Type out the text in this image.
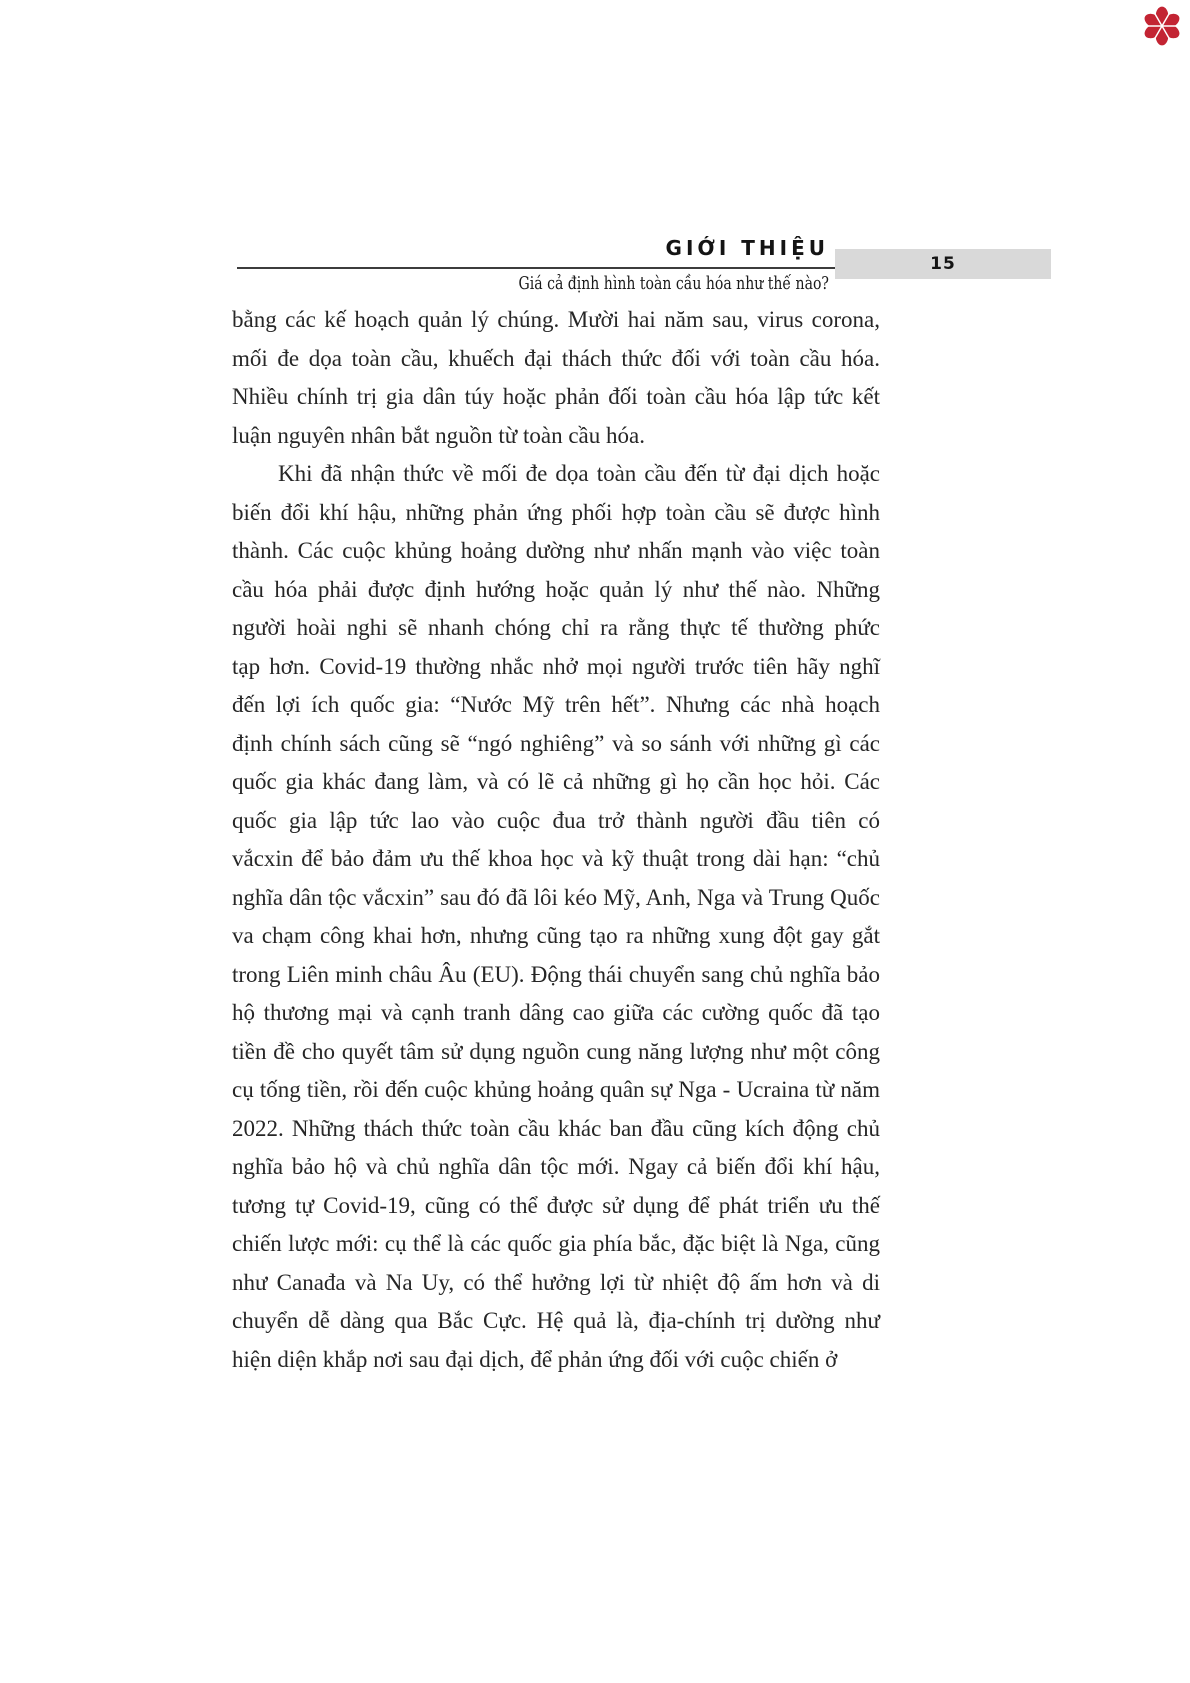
GIỚI THIỆU
15
Giá cả định hình toàn cầu hóa như thế nào?
bằng các kế hoạch quản lý chúng. Mười hai năm sau, virus corona,
mối đe dọa toàn cầu, khuếch đại thách thức đối với toàn cầu hóa.
Nhiều chính trị gia dân túy hoặc phản đối toàn cầu hóa lập tức kết
luận nguyên nhân bắt nguồn từ toàn cầu hóa.
Khi đã nhận thức về mối đe dọa toàn cầu đến từ đại dịch hoặc
biến đổi khí hậu, những phản ứng phối hợp toàn cầu sẽ được hình
thành. Các cuộc khủng hoảng dường như nhấn mạnh vào việc toàn
cầu hóa phải được định hướng hoặc quản lý như thế nào. Những
người hoài nghi sẽ nhanh chóng chỉ ra rằng thực tế thường phức
tạp hơn. Covid-19 thường nhắc nhở mọi người trước tiên hãy nghĩ
đến lợi ích quốc gia: “Nước Mỹ trên hết”. Nhưng các nhà hoạch
định chính sách cũng sẽ “ngó nghiêng” và so sánh với những gì các
quốc gia khác đang làm, và có lẽ cả những gì họ cần học hỏi. Các
quốc gia lập tức lao vào cuộc đua trở thành người đầu tiên có
vắcxin để bảo đảm ưu thế khoa học và kỹ thuật trong dài hạn: “chủ
nghĩa dân tộc vắcxin” sau đó đã lôi kéo Mỹ, Anh, Nga và Trung Quốc
va chạm công khai hơn, nhưng cũng tạo ra những xung đột gay gắt
trong Liên minh châu Âu (EU). Động thái chuyển sang chủ nghĩa bảo
hộ thương mại và cạnh tranh dâng cao giữa các cường quốc đã tạo
tiền đề cho quyết tâm sử dụng nguồn cung năng lượng như một công
cụ tống tiền, rồi đến cuộc khủng hoảng quân sự Nga - Ucraina từ năm
2022. Những thách thức toàn cầu khác ban đầu cũng kích động chủ
nghĩa bảo hộ và chủ nghĩa dân tộc mới. Ngay cả biến đổi khí hậu,
tương tự Covid-19, cũng có thể được sử dụng để phát triển ưu thế
chiến lược mới: cụ thể là các quốc gia phía bắc, đặc biệt là Nga, cũng
như Canađa và Na Uy, có thể hưởng lợi từ nhiệt độ ấm hơn và di
chuyển dễ dàng qua Bắc Cực. Hệ quả là, địa-chính trị dường như
hiện diện khắp nơi sau đại dịch, để phản ứng đối với cuộc chiến ở
